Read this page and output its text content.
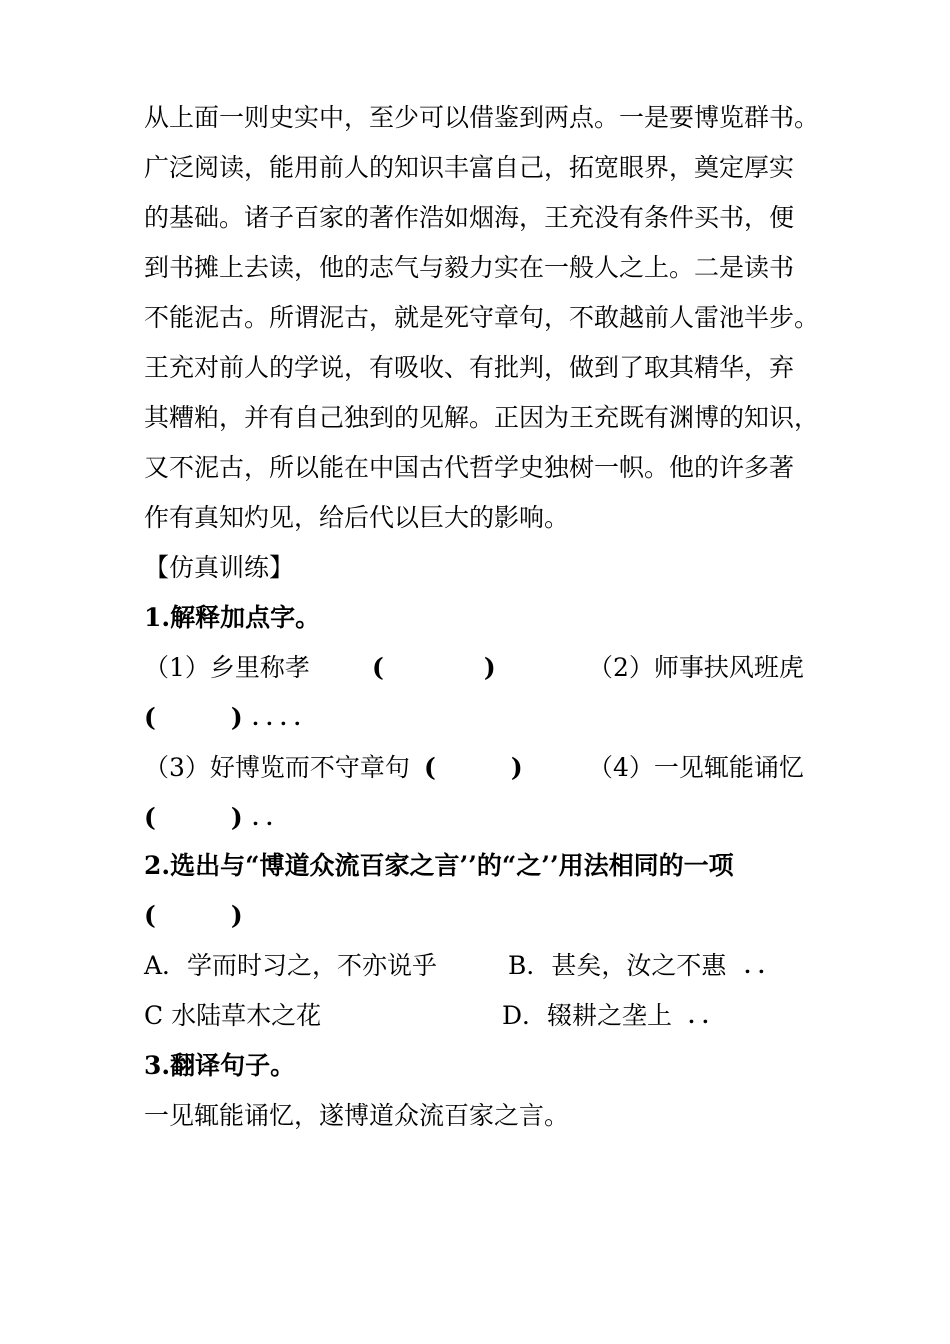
从上面一则史实中，至少可以借鉴到两点。一是要博览群书。
广泛阅读，能用前人的知识丰富自己，拓宽眼界，奠定厚实
的基础。诸子百家的著作浩如烟海，王充没有条件买书，便
到书摊上去读，他的志气与毅力实在一般人之上。二是读书
不能泥古。所谓泥古，就是死守章句，不敢越前人雷池半步。
王充对前人的学说，有吸收、有批判，做到了取其精华，弃
其糟粕，并有自己独到的见解。正因为王充既有渊博的知识，
又不泥古，所以能在中国古代哲学史独树一帜。他的许多著
作有真知灼见，给后代以巨大的影响。
【仿真训练】
1.解释加点字。
（1）乡里称孝 (　　　　)	（2）师事扶风班虎
(　　　) . . . .
（3）好博览而不守章句 (　　　)	（4）一见辄能诵忆
(　　　) . .
2.选出与“博道众流百家之言’’的“之’’用法相同的一项
(　　　)
A．学而时习之，不亦说乎	B．甚矣，汝之不惠 . .
C 水陆草木之花	D．辍耕之垄上 . .
3.翻译句子。
一见辄能诵忆，遂博道众流百家之言。
